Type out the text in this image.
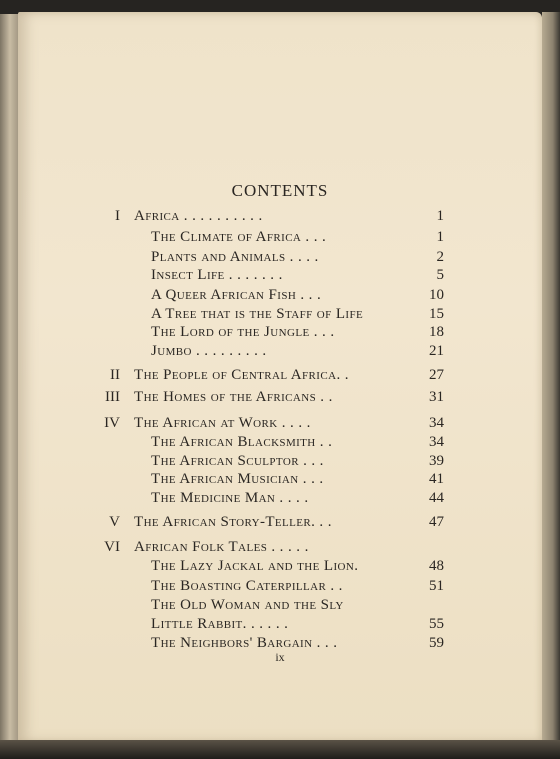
CONTENTS
I Africa . . . . . . . . . .	1
The Climate of Africa . . .	1
Plants and Animals . . . .	2
Insect Life . . . . . . .	5
A Queer African Fish . . .	10
A Tree that is the Staff of Life	15
The Lord of the Jungle . . .	18
Jumbo . . . . . . . . .	21
II The People of Central Africa. .	27
III The Homes of the Africans . .	31
IV The African at Work . . . .	34
The African Blacksmith . .	34
The African Sculptor . . .	39
The African Musician . . .	41
The Medicine Man . . . .	44
V The African Story-Teller. . .	47
VI African Folk Tales . . . . .
The Lazy Jackal and the Lion.	48
The Boasting Caterpillar . .	51
The Old Woman and the Sly
Little Rabbit. . . . . .	55
The Neighbors' Bargain . . .	59
ix
